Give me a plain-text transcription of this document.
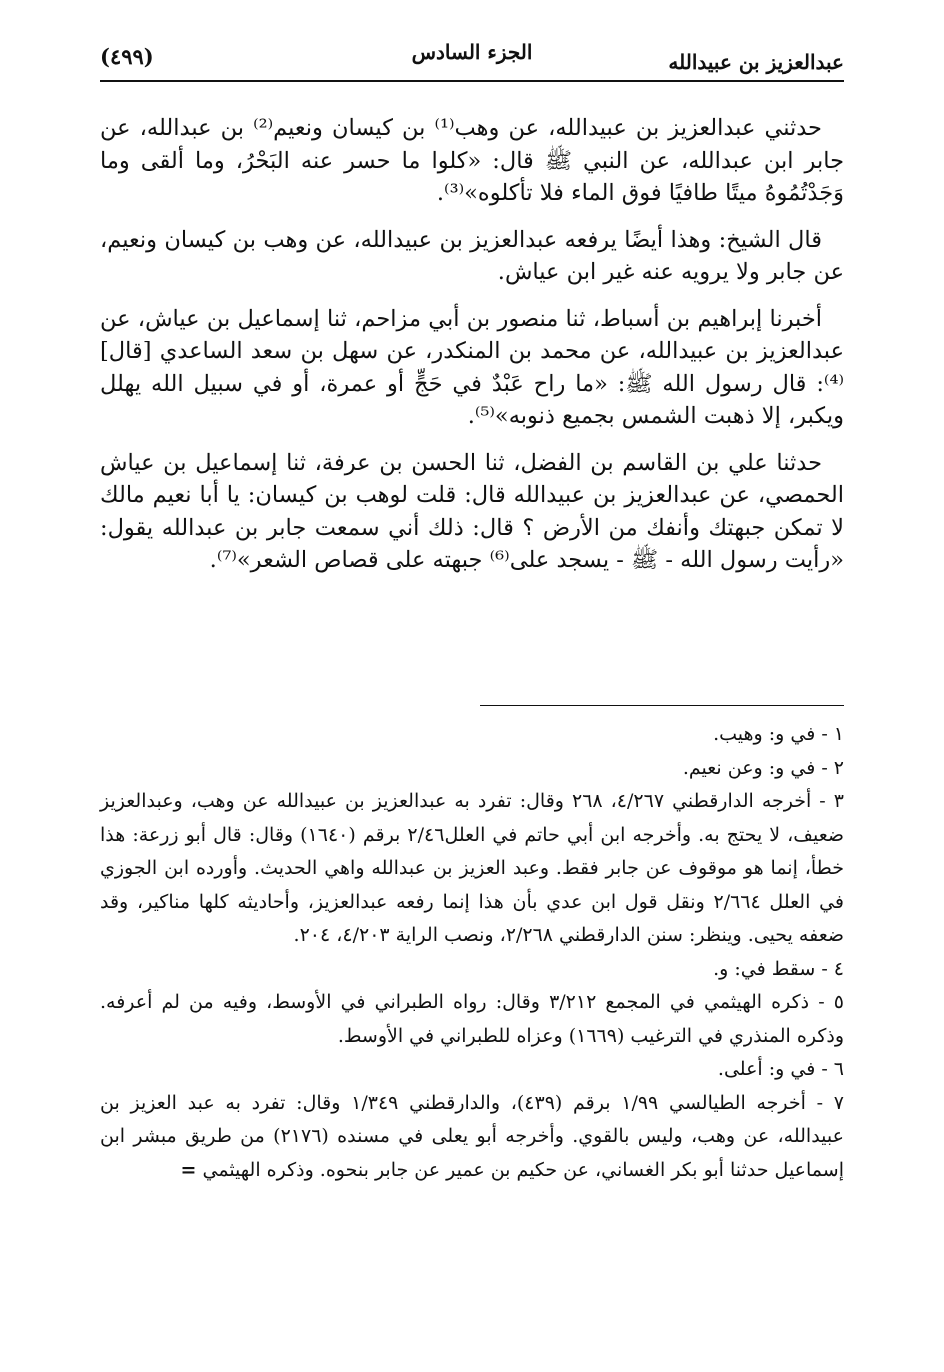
عبدالعزيز بن عبيدالله
الجزء السادس
(٤٩٩)

حدثني عبدالعزيز بن عبيدالله، عن وهب⁽¹⁾ بن كيسان ونعيم⁽²⁾ بن عبدالله، عن جابر ابن عبدالله، عن النبي ﷺ قال: «كلوا ما حسر عنه البَحْرُ، وما ألقى وما وَجَدْتُمُوهُ ميتًا طافيًا فوق الماء فلا تأكلوه»⁽³⁾.

قال الشيخ: وهذا أيضًا يرفعه عبدالعزيز بن عبيدالله، عن وهب بن كيسان ونعيم، عن جابر ولا يرويه عنه غير ابن عياش.

أخبرنا إبراهيم بن أسباط، ثنا منصور بن أبي مزاحم، ثنا إسماعيل بن عياش، عن عبدالعزيز بن عبيدالله، عن محمد بن المنكدر، عن سهل بن سعد الساعدي [قال]⁽⁴⁾: قال رسول الله ﷺ: «ما راح عَبْدٌ في حَجٍّ أو عمرة، أو في سبيل الله يهلل ويكبر، إلا ذهبت الشمس بجميع ذنوبه»⁽⁵⁾.

حدثنا علي بن القاسم بن الفضل، ثنا الحسن بن عرفة، ثنا إسماعيل بن عياش الحمصي، عن عبدالعزيز بن عبيدالله قال: قلت لوهب بن كيسان: يا أبا نعيم مالك لا تمكن جبهتك وأنفك من الأرض ؟ قال: ذلك أني سمعت جابر بن عبدالله يقول: «رأيت رسول الله - ﷺ - يسجد على⁽⁶⁾ جبهته على قصاص الشعر»⁽⁷⁾.

١ - في و: وهيب.

٢ - في و: وعن نعيم.

٣ - أخرجه الدارقطني ٤/٢٦٧، ٢٦٨ وقال: تفرد به عبدالعزيز بن عبيدالله عن وهب، وعبدالعزيز ضعيف، لا يحتج به. وأخرجه ابن أبي حاتم في العلل٢/٤٦ برقم (١٦٤٠) وقال: قال أبو زرعة: هذا خطأ، إنما هو موقوف عن جابر فقط. وعبد العزيز بن عبدالله واهي الحديث. وأورده ابن الجوزي في العلل ٢/٦٦٤ ونقل قول ابن عدي بأن هذا إنما رفعه عبدالعزيز، وأحاديثه كلها مناكير، وقد ضعفه يحيى. وينظر: سنن الدارقطني ٢/٢٦٨، ونصب الراية ٤/٢٠٣، ٢٠٤.

٤ - سقط في: و.

٥ - ذكره الهيثمي في المجمع ٣/٢١٢ وقال: رواه الطبراني في الأوسط، وفيه من لم أعرفه. وذكره المنذري في الترغيب (١٦٦٩) وعزاه للطبراني في الأوسط.

٦ - في و: أعلى.

٧ - أخرجه الطيالسي ١/٩٩ برقم (٤٣٩)، والدارقطني ١/٣٤٩ وقال: تفرد به عبد العزيز بن عبيدالله، عن وهب، وليس بالقوي. وأخرجه أبو يعلى في مسنده (٢١٧٦) من طريق مبشر ابن إسماعيل حدثنا أبو بكر الغساني، عن حكيم بن عمير عن جابر بنحوه. وذكره الهيثمي =
